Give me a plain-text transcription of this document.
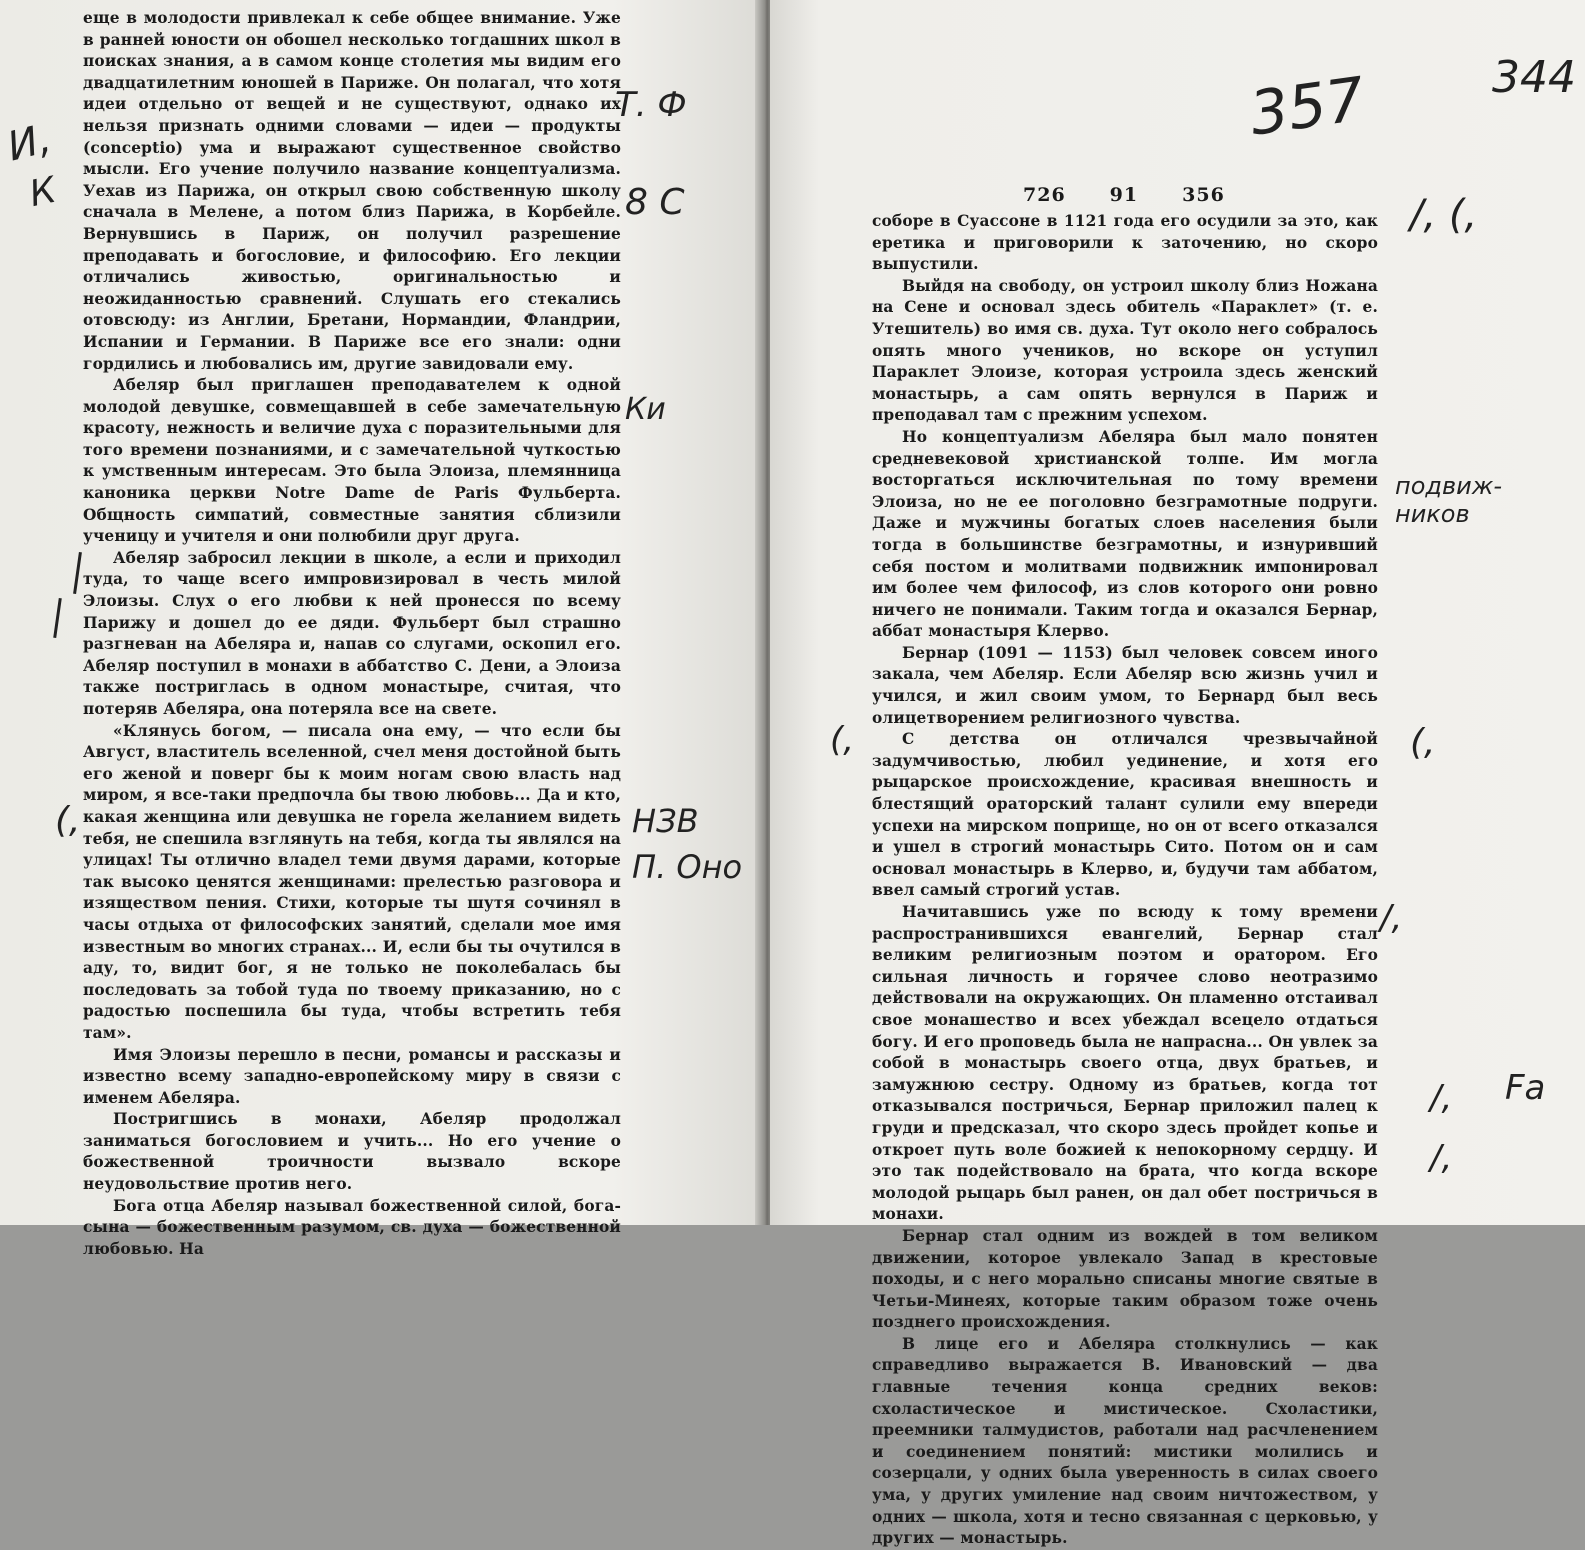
еще в молодости привлекал к себе общее внимание. Уже в ранней юности он обошел несколько тогдашних школ в поисках знания, а в самом конце столетия мы видим его двадцатилетним юношей в Париже. Он полагал, что хотя идеи отдельно от вещей и не существуют, однако их нельзя признать одними словами — идеи — продукты (conceptio) ума и выражают существенное свойство мысли. Его учение получило название концептуализма. Уехав из Парижа, он открыл свою собственную школу сначала в Мелене, а потом близ Парижа, в Корбейле. Вернувшись в Париж, он получил разрешение преподавать и богословие, и философию. Его лекции отличались живостью, оригинальностью и неожиданностью сравнений. Слушать его стекались отовсюду: из Англии, Бретани, Нормандии, Фландрии, Испании и Германии. В Париже все его знали: одни гордились и любовались им, другие завидовали ему.

Абеляр был приглашен преподавателем к одной молодой девушке, совмещавшей в себе замечательную красоту, нежность и величие духа с поразительными для того времени познаниями, и с замечательной чуткостью к умственным интересам. Это была Элоиза, племянница каноника церкви Notre Dame de Paris Фульберта. Общность симпатий, совместные занятия сблизили ученицу и учителя и они полюбили друг друга.

Абеляр забросил лекции в школе, а если и приходил туда, то чаще всего импровизировал в честь милой Элоизы. Слух о его любви к ней пронесся по всему Парижу и дошел до ее дяди. Фульберт был страшно разгневан на Абеляра и, напав со слугами, оскопил его. Абеляр поступил в монахи в аббатство С. Дени, а Элоиза также постриглась в одном монастыре, считая, что потеряв Абеляра, она потеряла все на свете.

«Клянусь богом, — писала она ему, — что если бы Август, властитель вселенной, счел меня достойной быть его женой и поверг бы к моим ногам свою власть над миром, я все-таки предпочла бы твою любовь... Да и кто, какая женщина или девушка не горела желанием видеть тебя, не спешила взглянуть на тебя, когда ты являлся на улицах! Ты отлично владел теми двумя дарами, которые так высоко ценятся женщинами: прелестью разговора и изяществом пения. Стихи, которые ты шутя сочинял в часы отдыха от философских занятий, сделали мое имя известным во многих странах... И, если бы ты очутился в аду, то, видит бог, я не только не поколебалась бы последовать за тобой туда по твоему приказанию, но с радостью поспешила бы туда, чтобы встретить тебя там».

Имя Элоизы перешло в песни, романсы и рассказы и известно всему западно-европейскому миру в связи с именем Абеляра.

Постригшись в монахи, Абеляр продолжал заниматься богословием и учить... Но его учение о божественной троичности вызвало вскоре неудовольствие против него.

Бога отца Абеляр называл божественной силой, бога-сына — божественным разумом, св. духа — божественной любовью. На

И,
К
Т. Ф
8 С
Ки
НЗВ
П. Оно
(,
357	344
/, (,
подвиж- ников
(,
/,
/,
/,
Fa
(,
726 91 356

соборе в Суассоне в 1121 года его осудили за это, как еретика и приговорили к заточению, но скоро выпустили.

Выйдя на свободу, он устроил школу близ Ножана на Сене и основал здесь обитель «Параклет» (т. е. Утешитель) во имя св. духа. Тут около него собралось опять много учеников, но вскоре он уступил Параклет Элоизе, которая устроила здесь женский монастырь, а сам опять вернулся в Париж и преподавал там с прежним успехом.

Но концептуализм Абеляра был мало понятен средневековой христианской толпе. Им могла восторгаться исключительная по тому времени Элоиза, но не ее поголовно безграмотные подруги. Даже и мужчины богатых слоев населения были тогда в большинстве безграмотны, и изнуривший себя постом и молитвами подвижник импонировал им более чем философ, из слов которого они ровно ничего не понимали. Таким тогда и оказался Бернар, аббат монастыря Клерво.

Бернар (1091 — 1153) был человек совсем иного закала, чем Абеляр. Если Абеляр всю жизнь учил и учился, и жил своим умом, то Бернард был весь олицетворением религиозного чувства.

С детства он отличался чрезвычайной задумчивостью, любил уединение, и хотя его рыцарское происхождение, красивая внешность и блестящий ораторский талант сулили ему впереди успехи на мирском поприще, но он от всего отказался и ушел в строгий монастырь Сито. Потом он и сам основал монастырь в Клерво, и, будучи там аббатом, ввел самый строгий устав.

Начитавшись уже по всюду к тому времени распространившихся евангелий, Бернар стал великим религиозным поэтом и оратором. Его сильная личность и горячее слово неотразимо действовали на окружающих. Он пламенно отстаивал свое монашество и всех убеждал всецело отдаться богу. И его проповедь была не напрасна... Он увлек за собой в монастырь своего отца, двух братьев, и замужнюю сестру. Одному из братьев, когда тот отказывался постричься, Бернар приложил палец к груди и предсказал, что скоро здесь пройдет копье и откроет путь воле божией к непокорному сердцу. И это так подействовало на брата, что когда вскоре молодой рыцарь был ранен, он дал обет постричься в монахи.

Бернар стал одним из вождей в том великом движении, которое увлекало Запад в крестовые походы, и с него морально списаны многие святые в Четьи-Минеях, которые таким образом тоже очень позднего происхождения.

В лице его и Абеляра столкнулись — как справедливо выражается В. Ивановский — два главные течения конца средних веков: схоластическое и мистическое. Схоластики, преемники талмудистов, работали над расчленением и соединением понятий: мистики молились и созерцали, у одних была уверенность в силах своего ума, у других умиление над своим ничтожеством, у одних — школа, хотя и тесно связанная с церковью, у других — монастырь.
